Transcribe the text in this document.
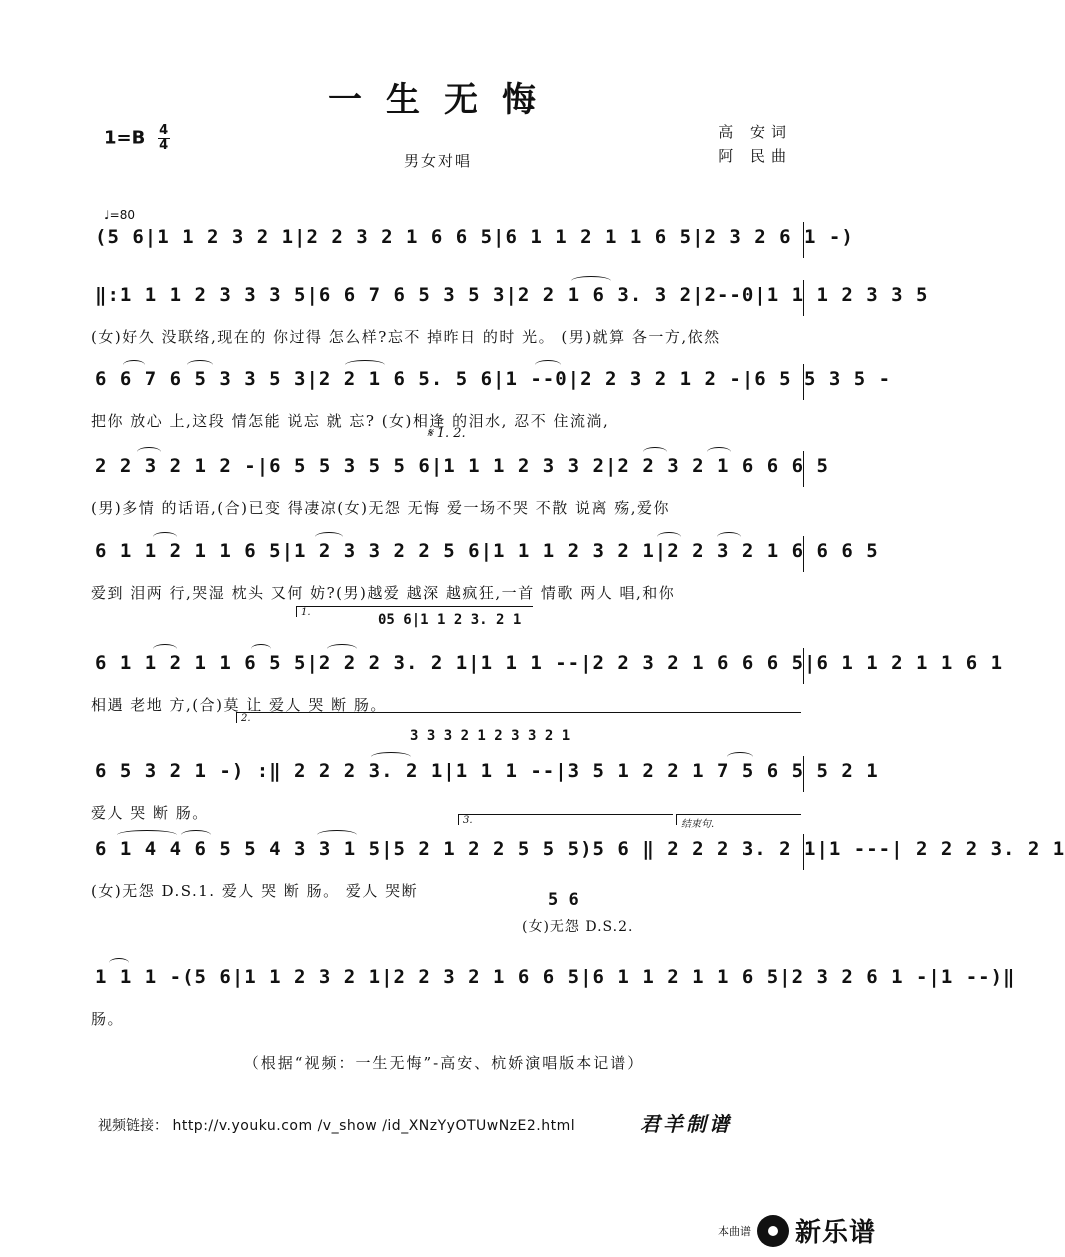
一生无悔
$1=B \frac{4}{4}$	高 安词
阿 民曲
男女对唱
♩=80
(5 6|1 1 2 3 2 1|2 2 3 2 1 6 6 5|6 1 1 2 1 1 6 5|2 3 2 6 1 -)
‖:1 1 1 2 3 3 3 5|6 6 7 6 5 3 5 3|2 2 1 6 3. 3 2|2--0|1 1 1 2 3 3 5
(女)好久 没联络,现在的 你过得 怎么样?忘不 掉昨日 的时 光。 (男)就算 各一方,依然
6 6 7 6 5 3 3 5 3|2 2 1 6 5. 5 6|1 --0|2 2 3 2 1 2 -|6 5 5 3 5 -
把你 放心 上,这段 情怎能 说忘 就 忘? (女)相逢 的泪水, 忍不 住流淌,
𝄋 1. 2.
2 2 3 2 1 2 -|6 5 5 3 5 5 6|1 1 1 2 3 3 2|2 2 3 2 1 6 6 6 5
(男)多情 的话语,(合)已变 得凄凉(女)无怨 无悔 爱一场不哭 不散 说离 殇,爱你
6 1 1 2 1 1 6 5|1 2 3 3 2 2 5 6|1 1 1 2 3 2 1|2 2 3 2 1 6 6 6 5
爱到 泪两 行,哭湿 枕头 又何 妨?(男)越爱 越深 越疯狂,一首 情歌 两人 唱,和你
1.	05 6|1 1 2 3. 2 1
6 1 1 2 1 1 6 5 5|2 2 2 3. 2 1|1 1 1 --|2 2 3 2 1 6 6 6 5|6 1 1 2 1 1 6 1
相遇 老地 方,(合)莫 让 爱人 哭 断 肠。
2.
3 3 3 2 1 2 3 3 2 1
6 5 3 2 1 -) :‖ 2 2 2 3. 2 1|1 1 1 --|3 5 1 2 2 1 7 5 6 5 5 2 1
爱人 哭 断 肠。	3.	结束句.
6 1 4 4 6 5 5 4 3 3 1 5|5 2 1 2 2 5 5 5)5 6 ‖ 2 2 2 3. 2 1|1 ---| 2 2 2 3. 2 1
(女)无怨 D.S.1. 爱人 哭 断 肠。 爱人 哭断	5 6
(女)无怨 D.S.2.
1 1 1 -(5 6|1 1 2 3 2 1|2 2 3 2 1 6 6 5|6 1 1 2 1 1 6 5|2 3 2 6 1 -|1 --)‖
肠。
（根据“视频：一生无悔”-高安、杭娇演唱版本记谱）
视频链接： http://v.youku.com /v_show /id_XNzYyOTUwNzE2.html	君羊制谱
本曲谱 新乐谱
